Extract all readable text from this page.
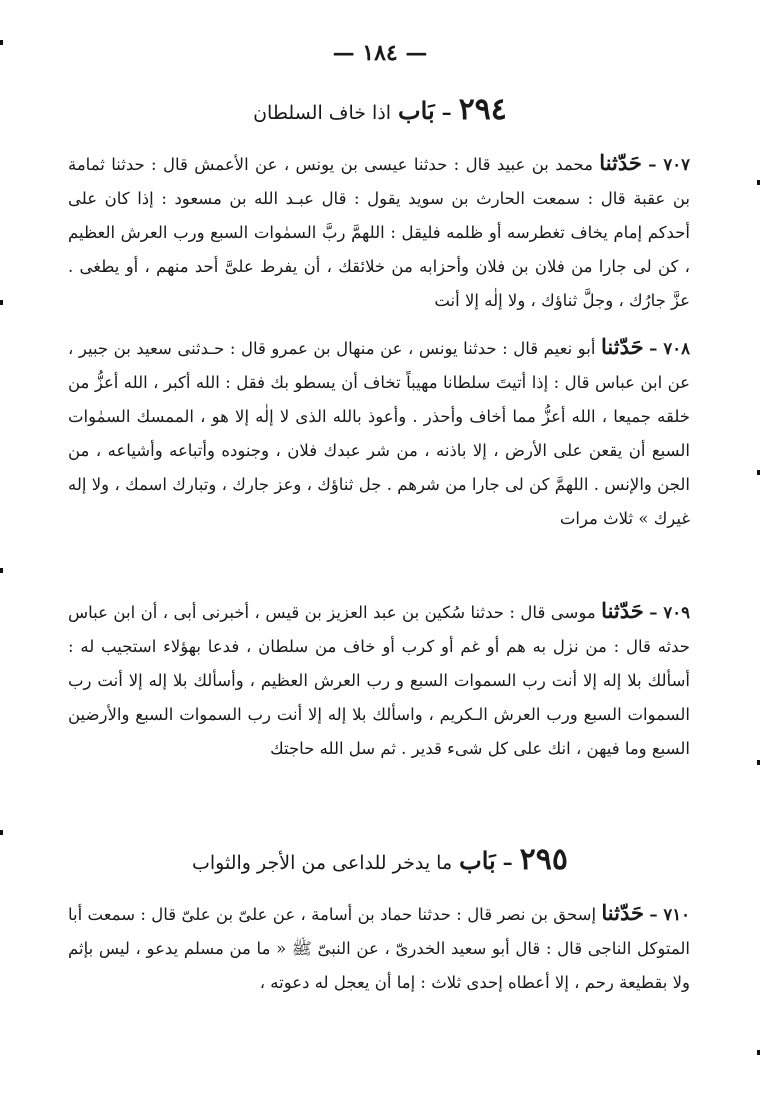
— ١٨٤ —
٢٩٤ – بَاب اذا خاف السلطان
٧٠٧ – حَدّثنا محمد بن عبيد قال : حدثنا عيسى بن يونس ، عن الأعمش قال : حدثنا ثمامة بن عقبة قال : سمعت الحارث بن سويد يقول : قال عبـد الله بن مسعود : إذا كان على أحدكم إمام يخاف تغطرسه أو ظلمه فليقل : اللهمَّ ربَّ السمٰوات السبع ورب العرش العظيم ، كن لى جارا من فلان بن فلان وأحزابه من خلائقك ، أن يفرط علىَّ أحد منهم ، أو يطغى . عزَّ جارُك ، وجلَّ ثناؤك ، ولا إلٰه إلا أنت
٧٠٨ – حَدّثنا أبو نعيم قال : حدثنا يونس ، عن منهال بن عمرو قال : حـدثنى سعيد بن جبير ، عن ابن عباس قال : إذا أتيتَ سلطانا مهيباً تخاف أن يسطو بك فقل : الله أكبر ، الله أعزُّ من خلقه جميعا ، الله أعزُّ مما أخاف وأحذر . وأعوذ بالله الذى لا إلٰه إلا هو ، الممسك السمٰوات السبع أن يقعن على الأرض ، إلا باذنه ، من شر عبدك فلان ، وجنوده وأتباعه وأشياعه ، من الجن والإنس . اللهمَّ كن لى جارا من شرهم . جل ثناؤك ، وعز جارك ، وتبارك اسمك ، ولا إله غيرك » ثلاث مرات
٧٠٩ – حَدّثنا موسى قال : حدثنا سُكين بن عبد العزيز بن قيس ، أخبرنى أبى ، أن ابن عباس حدثه قال : من نزل به هم أو غم أو كرب أو خاف من سلطان ، فدعا بهؤلاء استجيب له : أسألك بلا إله إلا أنت رب السموات السبع و رب العرش العظيم ، وأسألك بلا إله إلا أنت رب السموات السبع ورب العرش الـكريم ، واسألك بلا إله إلا أنت رب السموات السبع والأرضين السبع وما فيهن ، انك على كل شىء قدير . ثم سل الله حاجتك
٢٩٥ – بَاب ما يدخر للداعى من الأجر والثواب
٧١٠ – حَدّثنا إسحق بن نصر قال : حدثنا حماد بن أسامة ، عن علىّ بن علىّ قال : سمعت أبا المتوكل الناجى قال : قال أبو سعيد الخدرىّ ، عن النبىّ ﷺ « ما من مسلم يدعو ، ليس بإثم ولا بقطيعة رحم ، إلا أعطاه إحدى ثلاث : إما أن يعجل له دعوته ،
